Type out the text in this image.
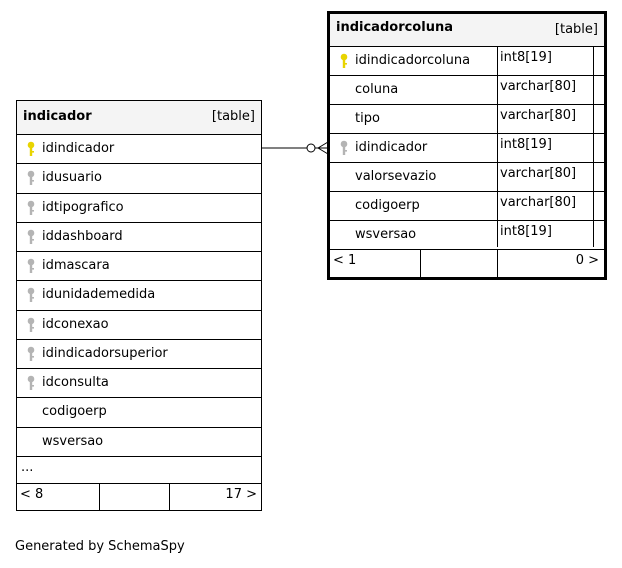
indicador	[table]
idindicador
idusuario
idtipografico
iddashboard
idmascara
idunidademedida
idconexao
idindicadorsuperior
idconsulta
codigoerp
wsversao
...
< 8	17 >
indicadorcoluna	[table]
idindicadorcoluna int8[19]
coluna	varchar[80]
tipo	varchar[80]
idindicador	int8[19]
valorsevazio	varchar[80]
codigoerp	varchar[80]
wsversao	int8[19]
< 1	0 >
Generated by SchemaSpy
